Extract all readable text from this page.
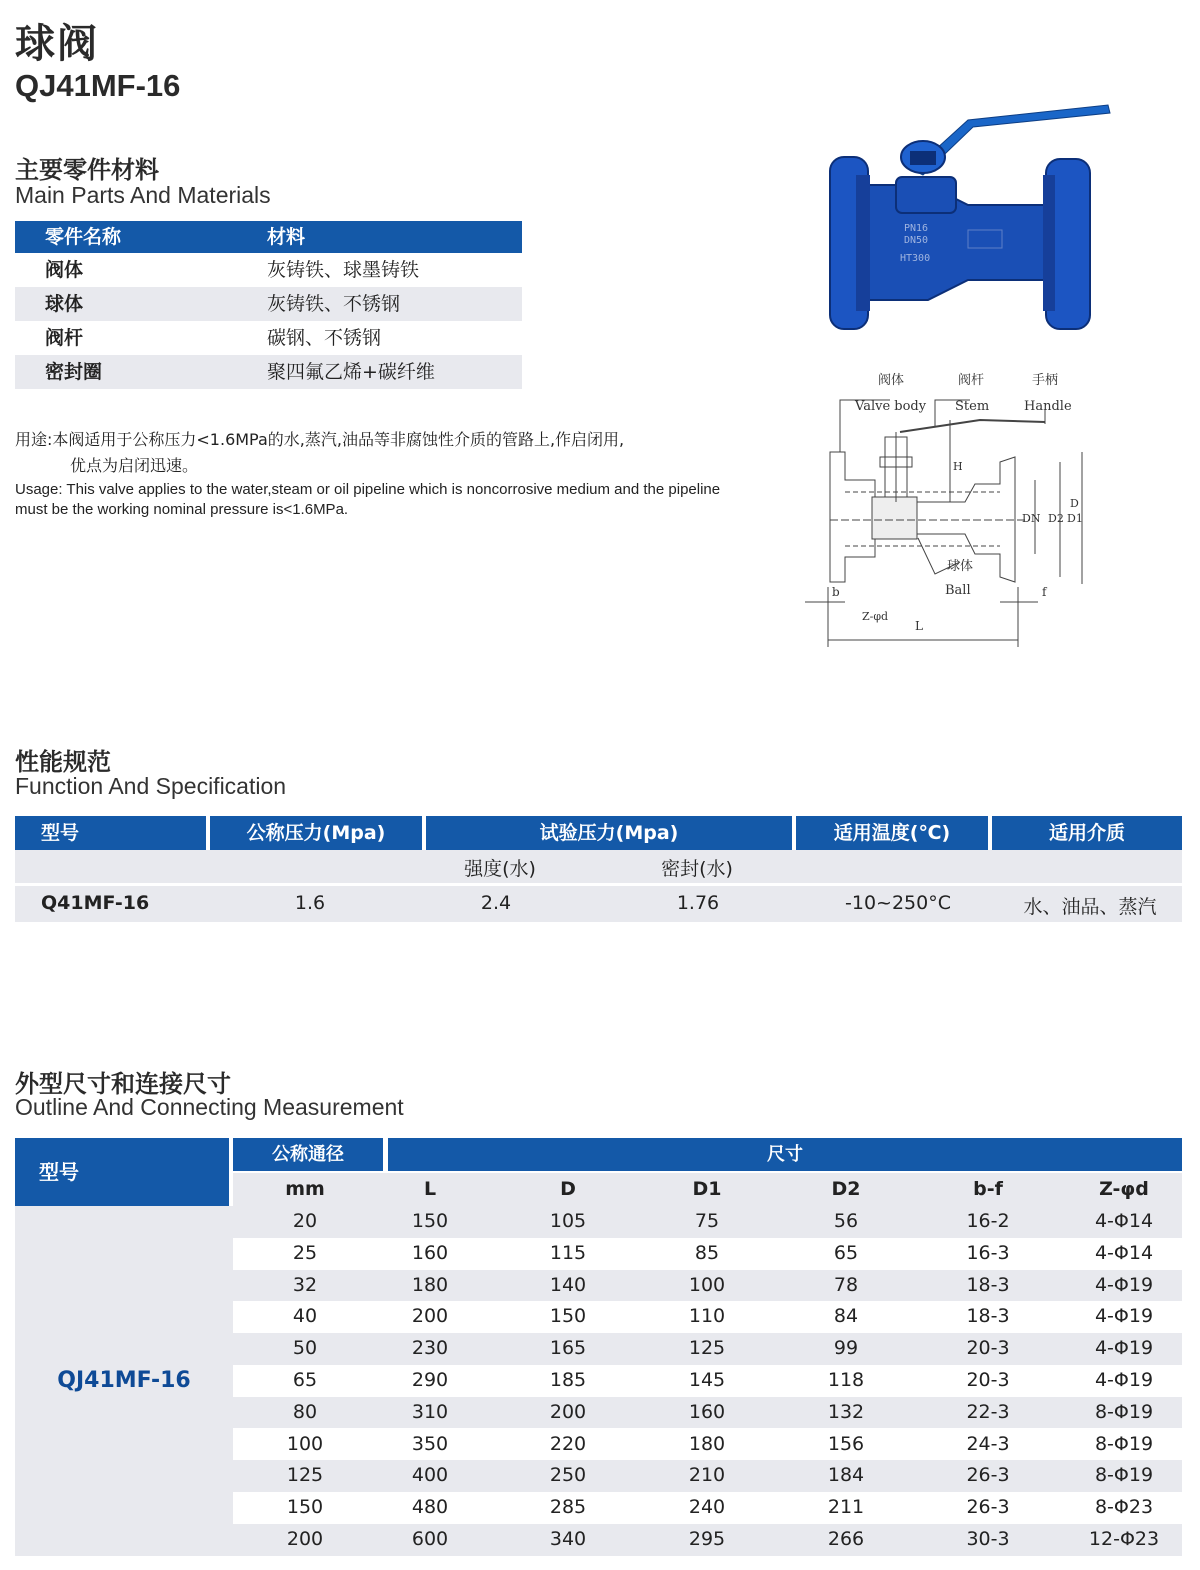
球阀
QJ41MF-16
主要零件材料
Main Parts And Materials
零件名称	材料
阀体	灰铸铁、球墨铸铁
球体	灰铸铁、不锈钢
阀杆	碳钢、不锈钢
密封圈	聚四氟乙烯+碳纤维
用途:本阀适用于公称压力<1.6MPa的水,蒸汽,油品等非腐蚀性介质的管路上,作启闭用,
优点为启闭迅速。
Usage: This valve applies to the water,steam or oil pipeline which is noncorrosive medium and the pipeline
must be the working nominal pressure is<1.6MPa.
PN16
DN50
HT300
阀体
Valve body
阀杆
Stem
手柄
Handle
球体
Ball
H
DN D2 D1
D
b	f
L
Z-φd
性能规范
Function And Specification
型号	公称压力(Mpa)	试验压力(Mpa)	适用温度(℃)	适用介质
强度(水)	密封(水)
Q41MF-16	1.6	2.4	1.76	-10~250°C	水、油品、蒸汽
外型尺寸和连接尺寸
Outline And Connecting Measurement
型号
公称通径	尺寸
QJ41MF-16
mm	L	D	D1	D2	b-f	Z-φd
20	150	105	75	56	16-2	4-Φ14
25	160	115	85	65	16-3	4-Φ14
32	180	140	100	78	18-3	4-Φ19
40	200	150	110	84	18-3	4-Φ19
50	230	165	125	99	20-3	4-Φ19
65	290	185	145	118	20-3	4-Φ19
80	310	200	160	132	22-3	8-Φ19
100	350	220	180	156	24-3	8-Φ19
125	400	250	210	184	26-3	8-Φ19
150	480	285	240	211	26-3	8-Φ23
200	600	340	295	266	30-3	12-Φ23
